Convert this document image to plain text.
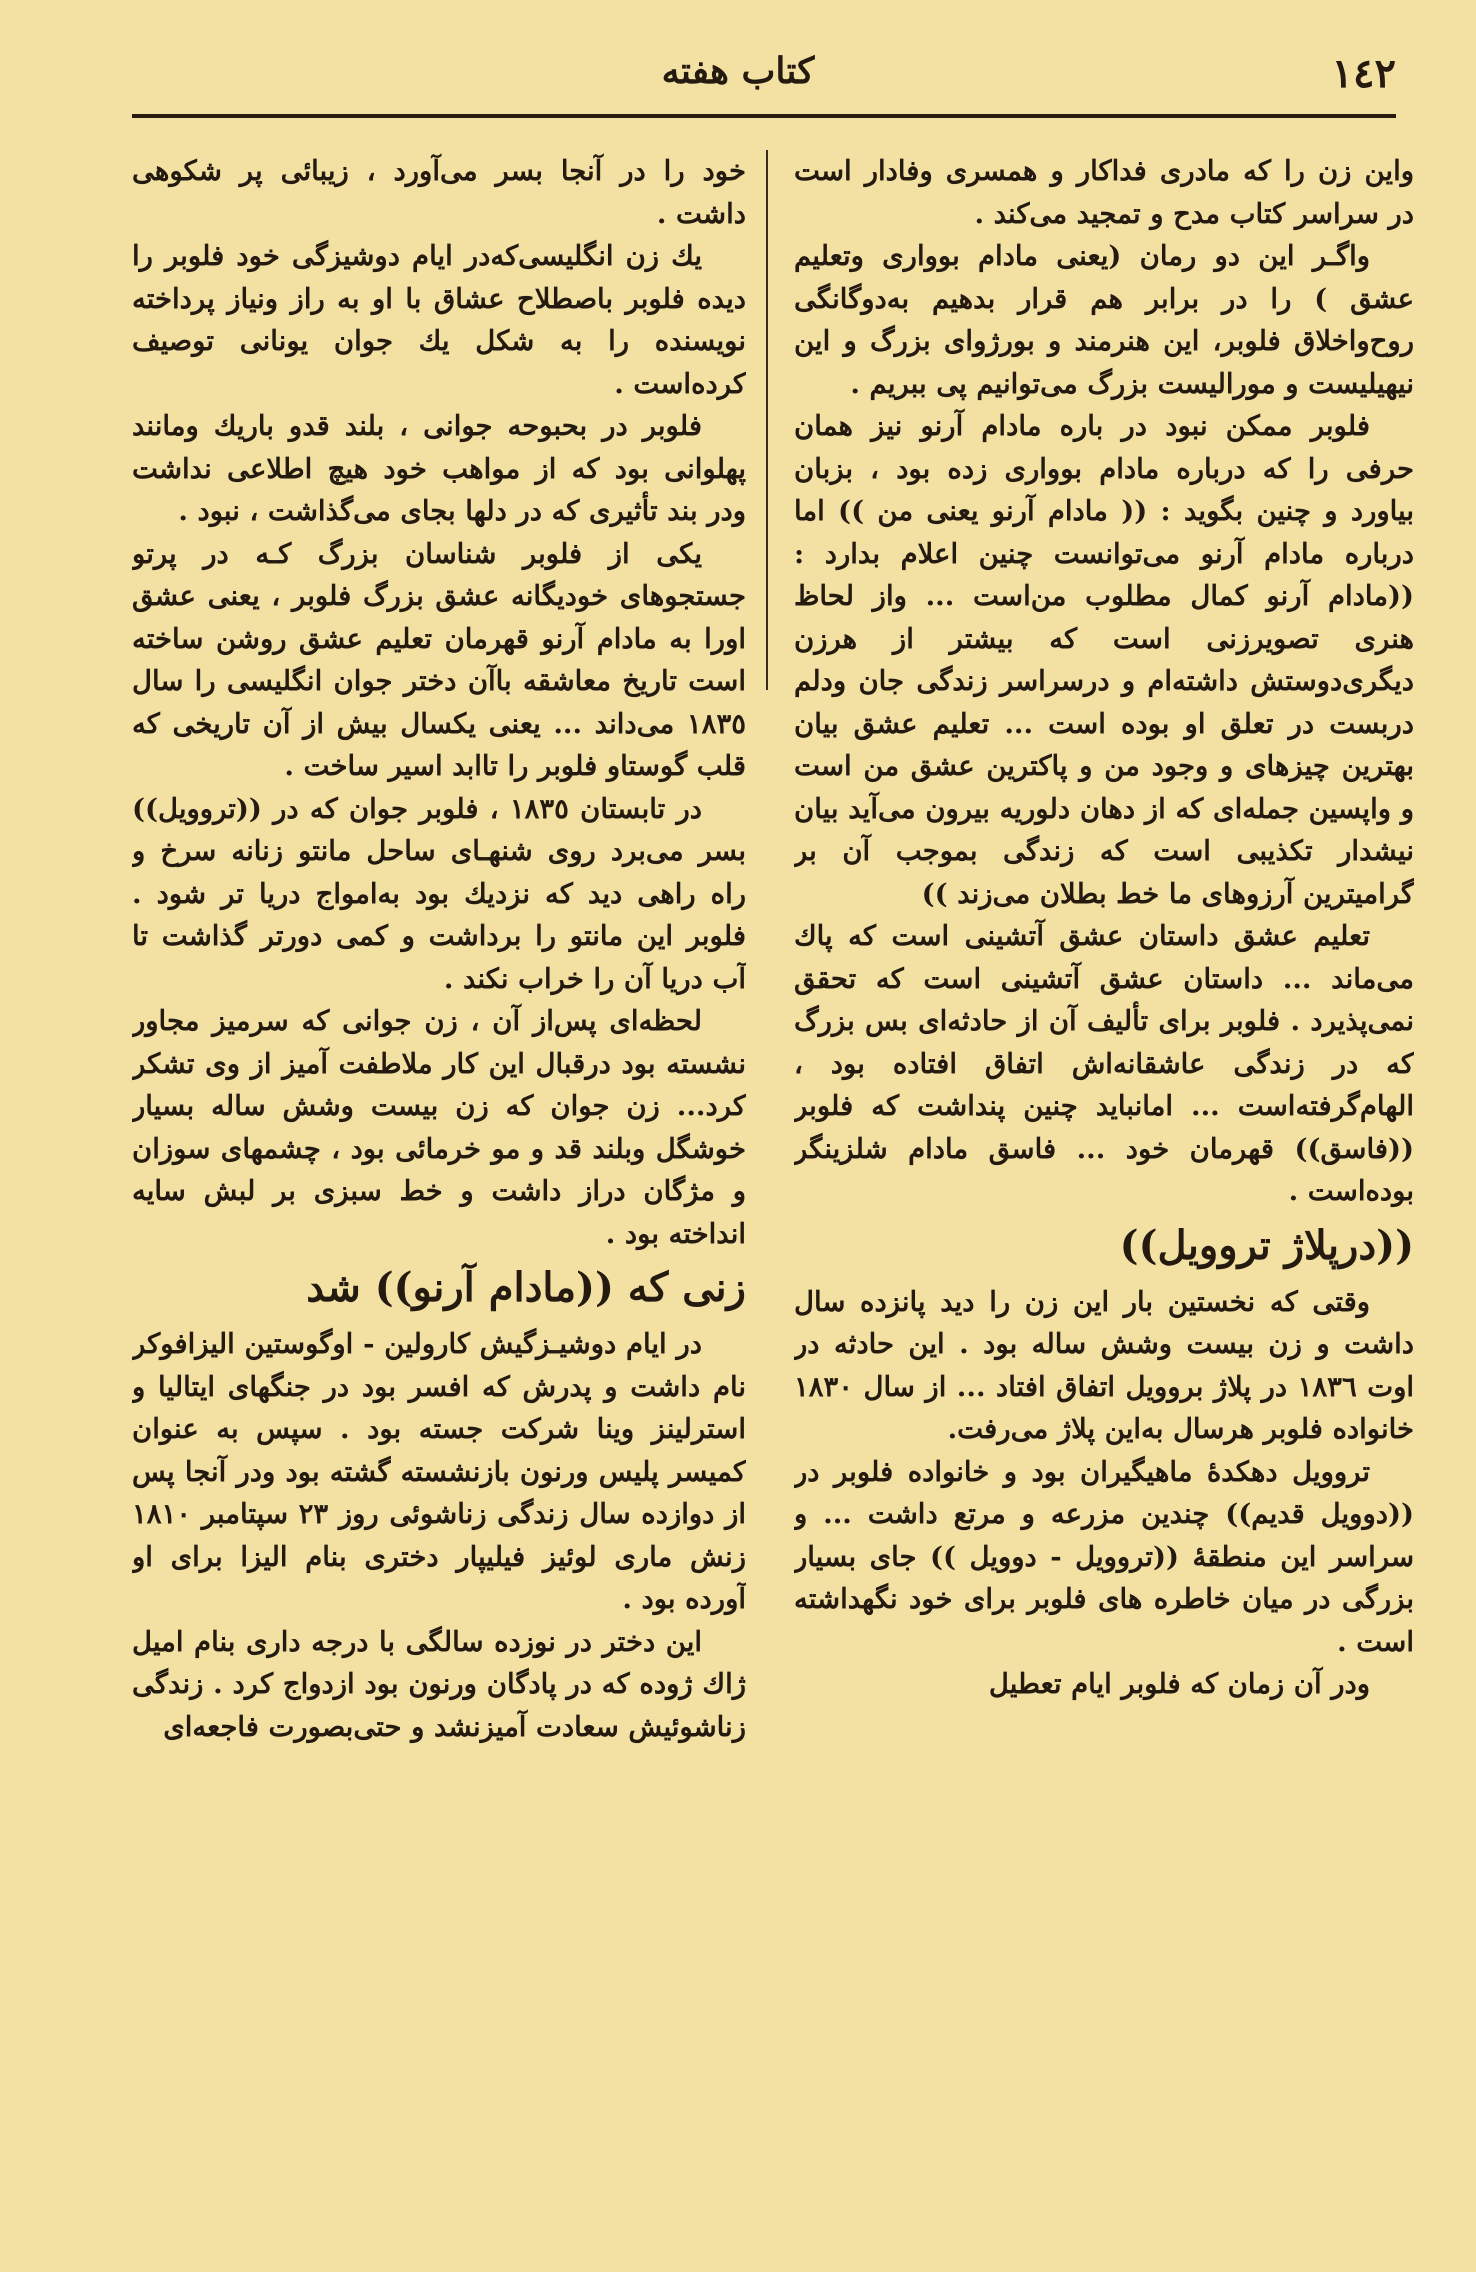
١٤٢
كتاب هفته

واين زن را كه مادرى فداكار و همسرى وفادار است در سراسر كتاب مدح و تمجيد مى‌كند .

واگـر اين دو رمان (يعنى مادام بووارى وتعليم عشق ) را در برابر هم قرار بدهيم به‌دوگانگى روح‌واخلاق فلوبر، اين هنرمند و بورژواى بزرگ و اين نيهيليست و موراليست بزرگ مى‌توانيم پى ببريم .

فلوبر ممكن نبود در باره مادام آرنو نيز همان حرفى را كه درباره مادام بووارى زده بود ، بزبان بياورد و چنين بگويد : (( مادام آرنو يعنى من )) اما درباره مادام آرنو مى‌توانست چنين اعلام بدارد : ((مادام آرنو كمال مطلوب من‌است ... واز لحاظ هنرى تصويرزنى است كه بيشتر از هرزن ديگرى‌دوستش داشته‌ام و درسراسر زندگى جان ودلم دربست در تعلق او بوده است ... تعليم عشق بيان بهترين چيزهاى و وجود من و پاكترين عشق من است و واپسين جمله‌اى كه از دهان دلوريه بيرون مى‌آيد بيان نيشدار تكذيبى است كه زندگى بموجب آن بر گراميترين آرزوهاى ما خط بطلان مى‌زند ))

تعليم عشق داستان عشق آتشينى است كه پاك مى‌ماند ... داستان عشق آتشينى است كه تحقق نمى‌پذيرد . فلوبر براى تأليف آن از حادثه‌اى بس بزرگ كه در زندگى عاشقانه‌اش اتفاق افتاده بود ، الهام‌گرفته‌است ... امانبايد چنين پنداشت كه فلوبر ((فاسق)) قهرمان خود ... فاسق مادام شلزينگر بوده‌است .

((درپلاژ تروويل))

وقتى كه نخستين بار اين زن را ديد پانزده سال داشت و زن بيست وشش ساله بود . اين حادثه در اوت ١٨٣٦ در پلاژ بروويل اتفاق افتاد ... از سال ١٨٣٠ خانواده فلوبر هرسال به‌اين پلاژ مى‌رفت.

تروويل دهكدۀ ماهيگيران بود و خانواده فلوبر در ((دوويل قديم)) چندين مزرعه و مرتع داشت ... و سراسر اين منطقۀ ((تروويل - دوويل )) جاى بسيار بزرگى در ميان خاطره هاى فلوبر براى خود نگهداشته است .

ودر آن زمان كه فلوبر ايام تعطيل

خود را در آنجا بسر مى‌آورد ، زيبائى پر شكوهى داشت .

يك زن انگليسى‌كه‌در ايام دوشيزگى خود فلوبر را ديده فلوبر باصطلاح عشاق با او به راز ونياز پرداخته نويسنده را به شكل يك جوان يونانى توصيف كرده‌است .

فلوبر در بحبوحه جوانى ، بلند قدو باريك ومانند پهلوانى بود كه از مواهب خود هيچ اطلاعى نداشت ودر بند تأثيرى كه در دلها بجاى مى‌گذاشت ، نبود .

يكى از فلوبر شناسان بزرگ كـه در پرتو جستجوهاى خوديگانه عشق بزرگ فلوبر ، يعنى عشق اورا به مادام آرنو قهرمان تعليم عشق روشن ساخته است تاريخ معاشقه باآن دختر جوان انگليسى را سال ١٨٣٥ مى‌داند ... يعنى يكسال بيش از آن تاريخى كه قلب گوستاو فلوبر را تاابد اسير ساخت .

در تابستان ١٨٣٥ ، فلوبر جوان كه در ((تروويل)) بسر مى‌برد روى شنهـاى ساحل مانتو زنانه سرخ و راه راهى ديد كه نزديك بود به‌امواج دريا تر شود . فلوبر اين مانتو را برداشت و كمى دورتر گذاشت تا آب دريا آن را خراب نكند .

لحظه‌اى پس‌از آن ، زن جوانى كه سرميز مجاور نشسته بود درقبال اين كار ملاطفت آميز از وى تشكر كرد... زن جوان كه زن بيست وشش ساله بسيار خوشگل وبلند قد و مو خرمائى بود ، چشمهاى سوزان و مژگان دراز داشت و خط سبزى بر لبش سايه انداخته بود .

زنى كه ((مادام آرنو)) شد

در ايام دوشيـزگيش كارولين - اوگوستين اليزافوكر نام داشت و پدرش كه افسر بود در جنگهاى ايتاليا و استرلينز وينا شركت جسته بود . سپس به عنوان كميسر پليس ورنون بازنشسته گشته بود ودر آنجا پس از دوازده سال زندگى زناشوئى روز ٢٣ سپتامبر ١٨١٠ زنش مارى لوئيز فيليپار دخترى بنام اليزا براى او آورده بود .

اين دختر در نوزده سالگى با درجه دارى بنام اميل ژاك ژوده كه در پادگان ورنون بود ازدواج كرد . زندگى زناشوئيش سعادت آميزنشد و حتى‌بصورت فاجعه‌اى
